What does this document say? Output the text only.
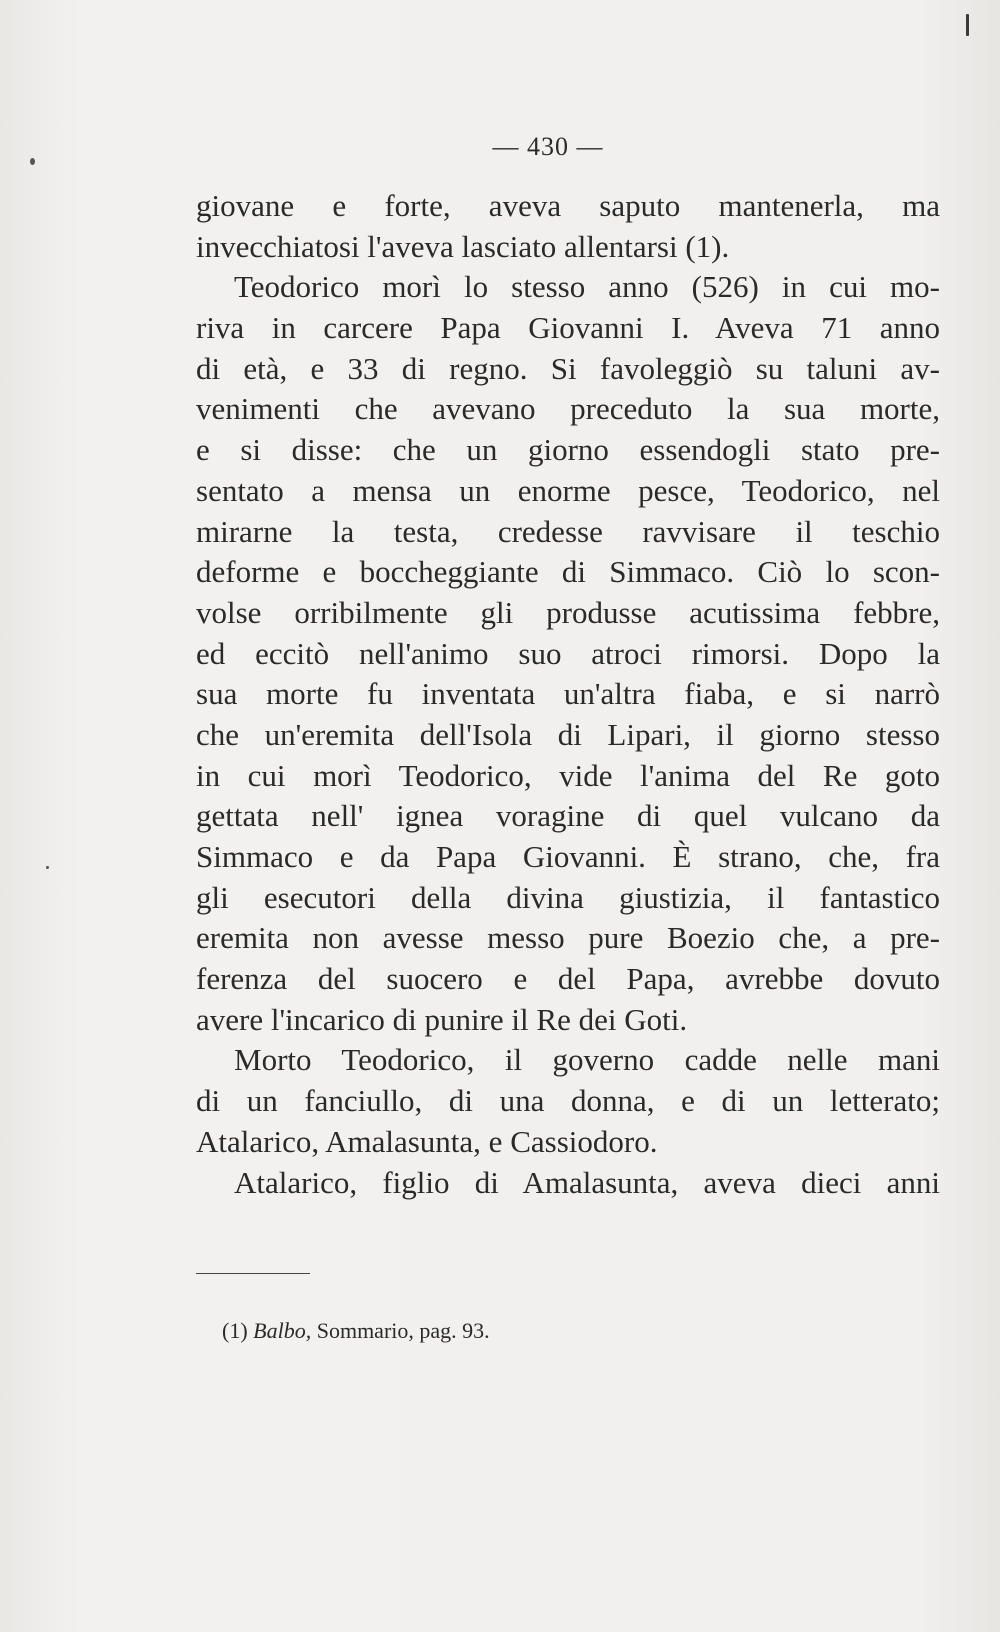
— 430 —
giovane e forte, aveva saputo mantenerla, ma
invecchiatosi l'aveva lasciato allentarsi (1).
Teodorico morì lo stesso anno (526) in cui mo-
riva in carcere Papa Giovanni I. Aveva 71 anno
di età, e 33 di regno. Si favoleggiò su taluni av-
venimenti che avevano preceduto la sua morte,
e si disse: che un giorno essendogli stato pre-
sentato a mensa un enorme pesce, Teodorico, nel
mirarne la testa, credesse ravvisare il teschio
deforme e boccheggiante di Simmaco. Ciò lo scon-
volse orribilmente gli produsse acutissima febbre,
ed eccitò nell'animo suo atroci rimorsi. Dopo la
sua morte fu inventata un'altra fiaba, e si narrò
che un'eremita dell'Isola di Lipari, il giorno stesso
in cui morì Teodorico, vide l'anima del Re goto
gettata nell' ignea voragine di quel vulcano da
Simmaco e da Papa Giovanni. È strano, che, fra
gli esecutori della divina giustizia, il fantastico
eremita non avesse messo pure Boezio che, a pre-
ferenza del suocero e del Papa, avrebbe dovuto
avere l'incarico di punire il Re dei Goti.
Morto Teodorico, il governo cadde nelle mani
di un fanciullo, di una donna, e di un letterato;
Atalarico, Amalasunta, e Cassiodoro.
Atalarico, figlio di Amalasunta, aveva dieci anni
(1) Balbo, Sommario, pag. 93.
